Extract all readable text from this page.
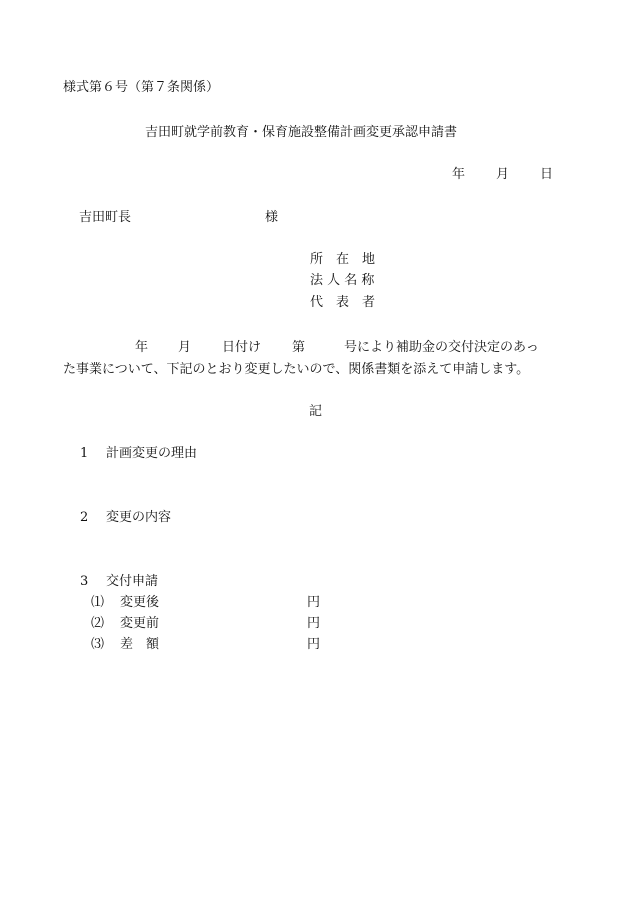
様式第６号（第７条関係）
吉田町就学前教育・保育施設整備計画変更承認申請書
年 月 日
吉田町長	様
所　在　地
法 人 名 称
代　表　者
年 月 日付け 第	号により補助金の交付決定のあっ
た事業について、下記のとおり変更したいので、関係書類を添えて申請します。
記
1 計画変更の理由
2 変更の内容
3 交付申請
⑴ 変更後	円
⑵ 変更前	円
⑶ 差　額	円
